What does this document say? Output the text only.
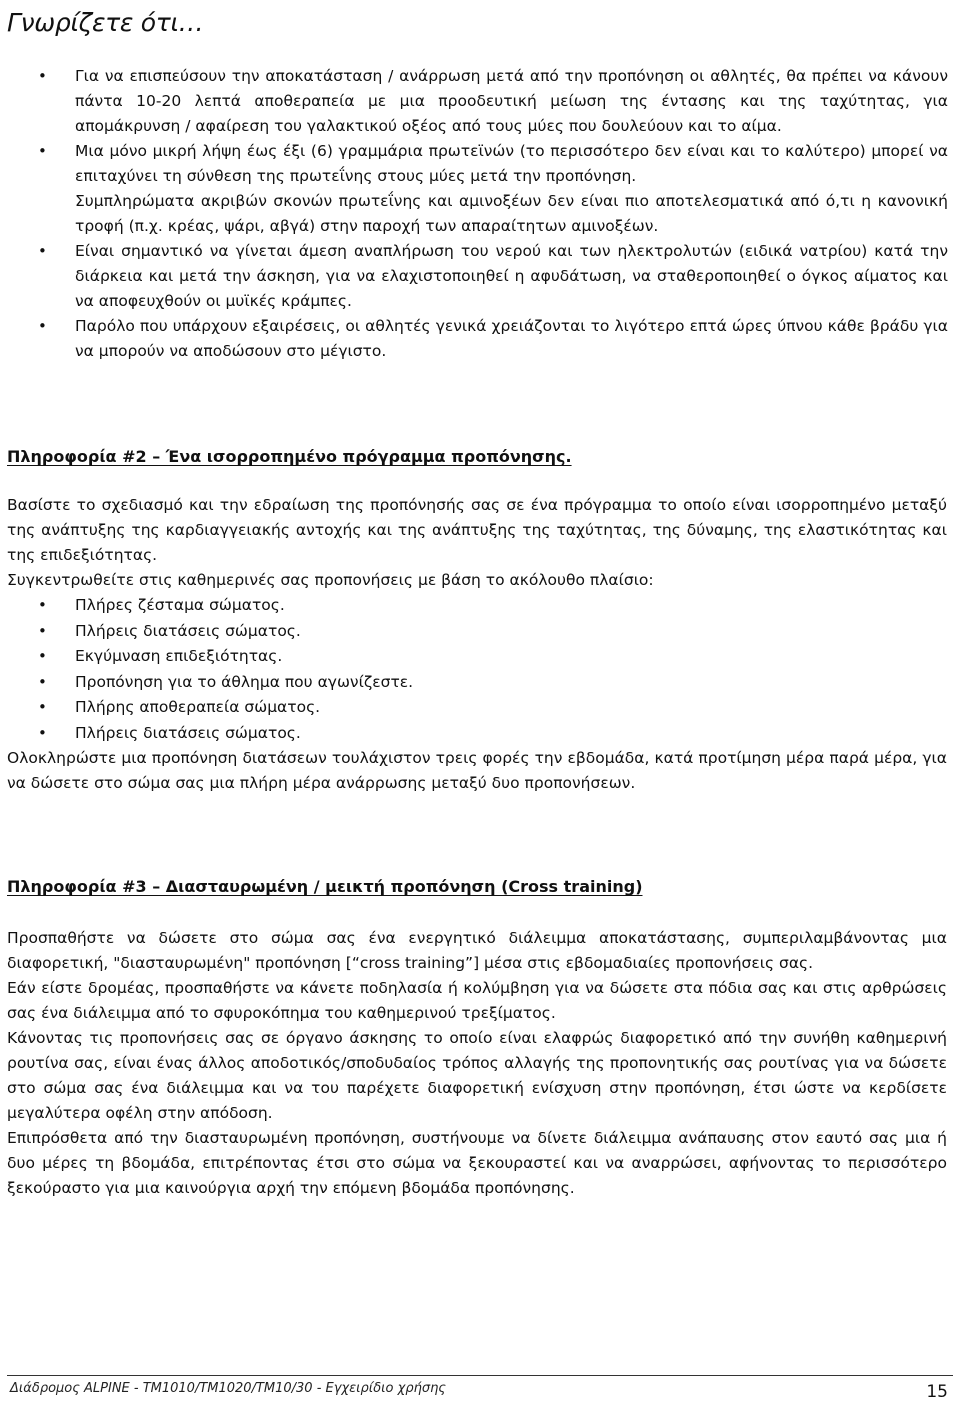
Γνωρίζετε ότι…
• Για να επισπεύσουν την αποκατάσταση / ανάρρωση μετά από την προπόνηση οι αθλητές, θα πρέπει να κάνουν πάντα 10-20 λεπτά αποθεραπεία με μια προοδευτική μείωση της έντασης και της ταχύτητας, για απομάκρυνση / αφαίρεση του γαλακτικού οξέος από τους μύες που δουλεύουν και το αίμα.
• Μια μόνο μικρή λήψη έως έξι (6) γραμμάρια πρωτεϊνών (το περισσότερο δεν είναι και το καλύτερο) μπορεί να επιταχύνει τη σύνθεση της πρωτεΐνης στους μύες μετά την προπόνηση.
Συμπληρώματα ακριβών σκονών πρωτεΐνης και αμινοξέων δεν είναι πιο αποτελεσματικά από ό,τι η κανονική τροφή (π.χ. κρέας, ψάρι, αβγά) στην παροχή των απαραίτητων αμινοξέων.
• Είναι σημαντικό να γίνεται άμεση αναπλήρωση του νερού και των ηλεκτρολυτών (ειδικά νατρίου) κατά την διάρκεια και μετά την άσκηση, για να ελαχιστοποιηθεί η αφυδάτωση, να σταθεροποιηθεί ο όγκος αίματος και να αποφευχθούν οι μυϊκές κράμπες.
• Παρόλο που υπάρχουν εξαιρέσεις, οι αθλητές γενικά χρειάζονται το λιγότερο επτά ώρες ύπνου κάθε βράδυ για να μπορούν να αποδώσουν στο μέγιστο.
Πληροφορία #2 – Ένα ισορροπημένο πρόγραμμα προπόνησης.

Βασίστε το σχεδιασμό και την εδραίωση της προπόνησής σας σε ένα πρόγραμμα το οποίο είναι ισορροπημένο μεταξύ της ανάπτυξης της καρδιαγγειακής αντοχής και της ανάπτυξης της ταχύτητας, της δύναμης, της ελαστικότητας και της επιδεξιότητας.

Συγκεντρωθείτε στις καθημερινές σας προπονήσεις με βάση το ακόλουθο πλαίσιο:

• Πλήρες ζέσταμα σώματος.
• Πλήρεις διατάσεις σώματος.
• Εκγύμναση επιδεξιότητας.
• Προπόνηση για το άθλημα που αγωνίζεστε.
• Πλήρης αποθεραπεία σώματος.
• Πλήρεις διατάσεις σώματος.

Ολοκληρώστε μια προπόνηση διατάσεων τουλάχιστον τρεις φορές την εβδομάδα, κατά προτίμηση μέρα παρά μέρα, για να δώσετε στο σώμα σας μια πλήρη μέρα ανάρρωσης μεταξύ δυο προπονήσεων.

Πληροφορία #3 – Διασταυρωμένη / μεικτή προπόνηση (Cross training)

Προσπαθήστε να δώσετε στο σώμα σας ένα ενεργητικό διάλειμμα αποκατάστασης, συμπεριλαμβάνοντας μια διαφορετική, "διασταυρωμένη" προπόνηση [“cross training”] μέσα στις εβδομαδιαίες προπονήσεις σας.

Εάν είστε δρομέας, προσπαθήστε να κάνετε ποδηλασία ή κολύμβηση για να δώσετε στα πόδια σας και στις αρθρώσεις σας ένα διάλειμμα από το σφυροκόπημα του καθημερινού τρεξίματος.

Κάνοντας τις προπονήσεις σας σε όργανο άσκησης το οποίο είναι ελαφρώς διαφορετικό από την συνήθη καθημερινή ρουτίνα σας, είναι ένας άλλος αποδοτικός/σποδυδαίος τρόπος αλλαγής της προπονητικής σας ρουτίνας για να δώσετε στο σώμα σας ένα διάλειμμα και να του παρέχετε διαφορετική ενίσχυση στην προπόνηση, έτσι ώστε να κερδίσετε μεγαλύτερα οφέλη στην απόδοση.

Επιπρόσθετα από την διασταυρωμένη προπόνηση, συστήνουμε να δίνετε διάλειμμα ανάπαυσης στον εαυτό σας μια ή δυο μέρες τη βδομάδα, επιτρέποντας έτσι στο σώμα να ξεκουραστεί και να αναρρώσει, αφήνοντας το περισσότερο ξεκούραστο για μια καινούργια αρχή την επόμενη βδομάδα προπόνησης.

Διάδρομος ALPINE - TM1010/TM1020/TM10/30 - Εγχειρίδιο χρήσης	15
